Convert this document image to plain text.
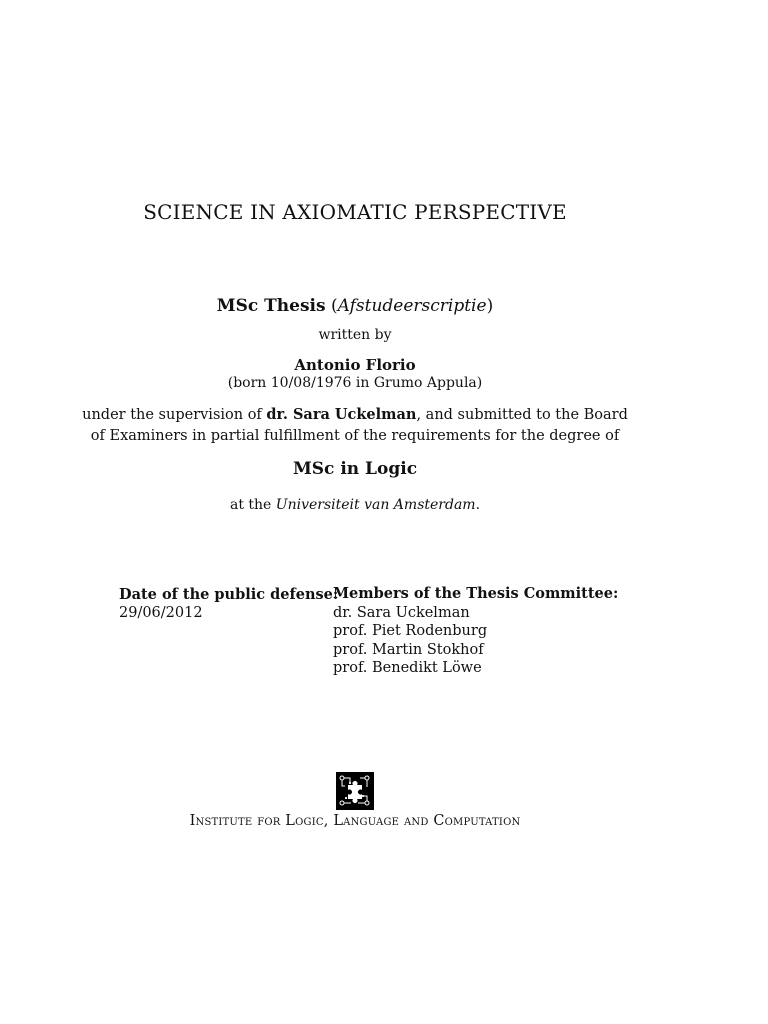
SCIENCE IN AXIOMATIC PERSPECTIVE
MSc Thesis (Afstudeerscriptie)
written by
Antonio Florio
(born 10/08/1976 in Grumo Appula)
under the supervision of dr. Sara Uckelman, and submitted to the Board
of Examiners in partial fulfillment of the requirements for the degree of
MSc in Logic
at the Universiteit van Amsterdam.
Date of the public defense:
29/06/2012
Members of the Thesis Committee:
dr. Sara Uckelman
prof. Piet Rodenburg
prof. Martin Stokhof
prof. Benedikt Löwe
Institute for Logic, Language and Computation
